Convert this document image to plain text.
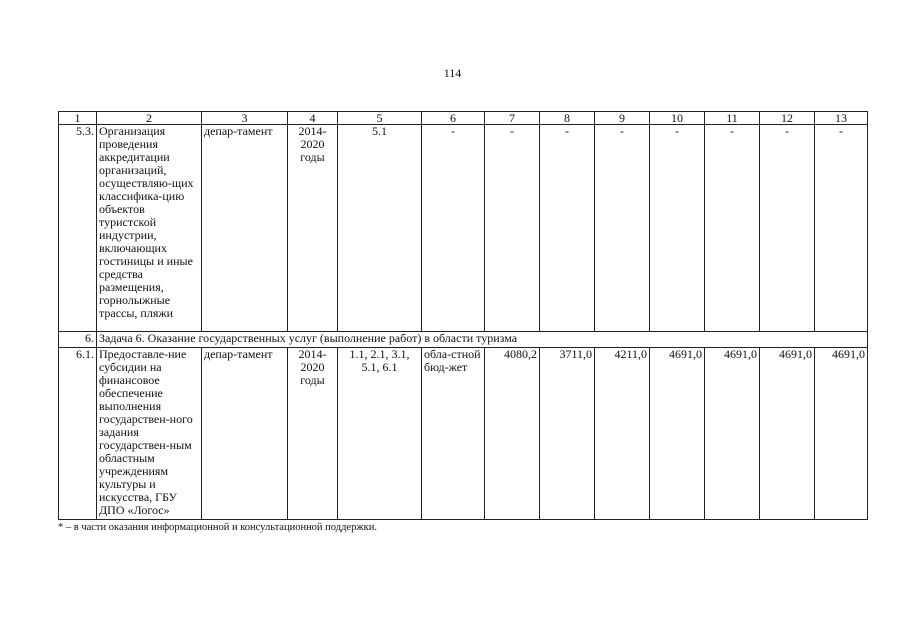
114
1	2	3	4	5	6	7	8	9	10	11	12	13
5.3.	Организация проведения аккредитации организаций, осуществляю-щих классифика-цию объектов туристской индустрии, включающих гостиницы и иные средства размещения, горнолыжные трассы, пляжи	депар-тамент	2014-2020 годы	5.1	-	-	-	-	-	-	-	-
6.	Задача 6. Оказание государственных услуг (выполнение работ) в области туризма											
6.1.	Предоставле-ние субсидии на финансовое обеспечение выполнения государствен-ного задания государствен-ным областным учреждениям культуры и искусства, ГБУ ДПО «Логос»	депар-тамент	2014-2020 годы	1.1, 2.1, 3.1, 5.1, 6.1	обла-стной бюд-жет	4080,2	3711,0	4211,0	4691,0	4691,0	4691,0	4691,0
* – в части оказания информационной и консультационной поддержки.
